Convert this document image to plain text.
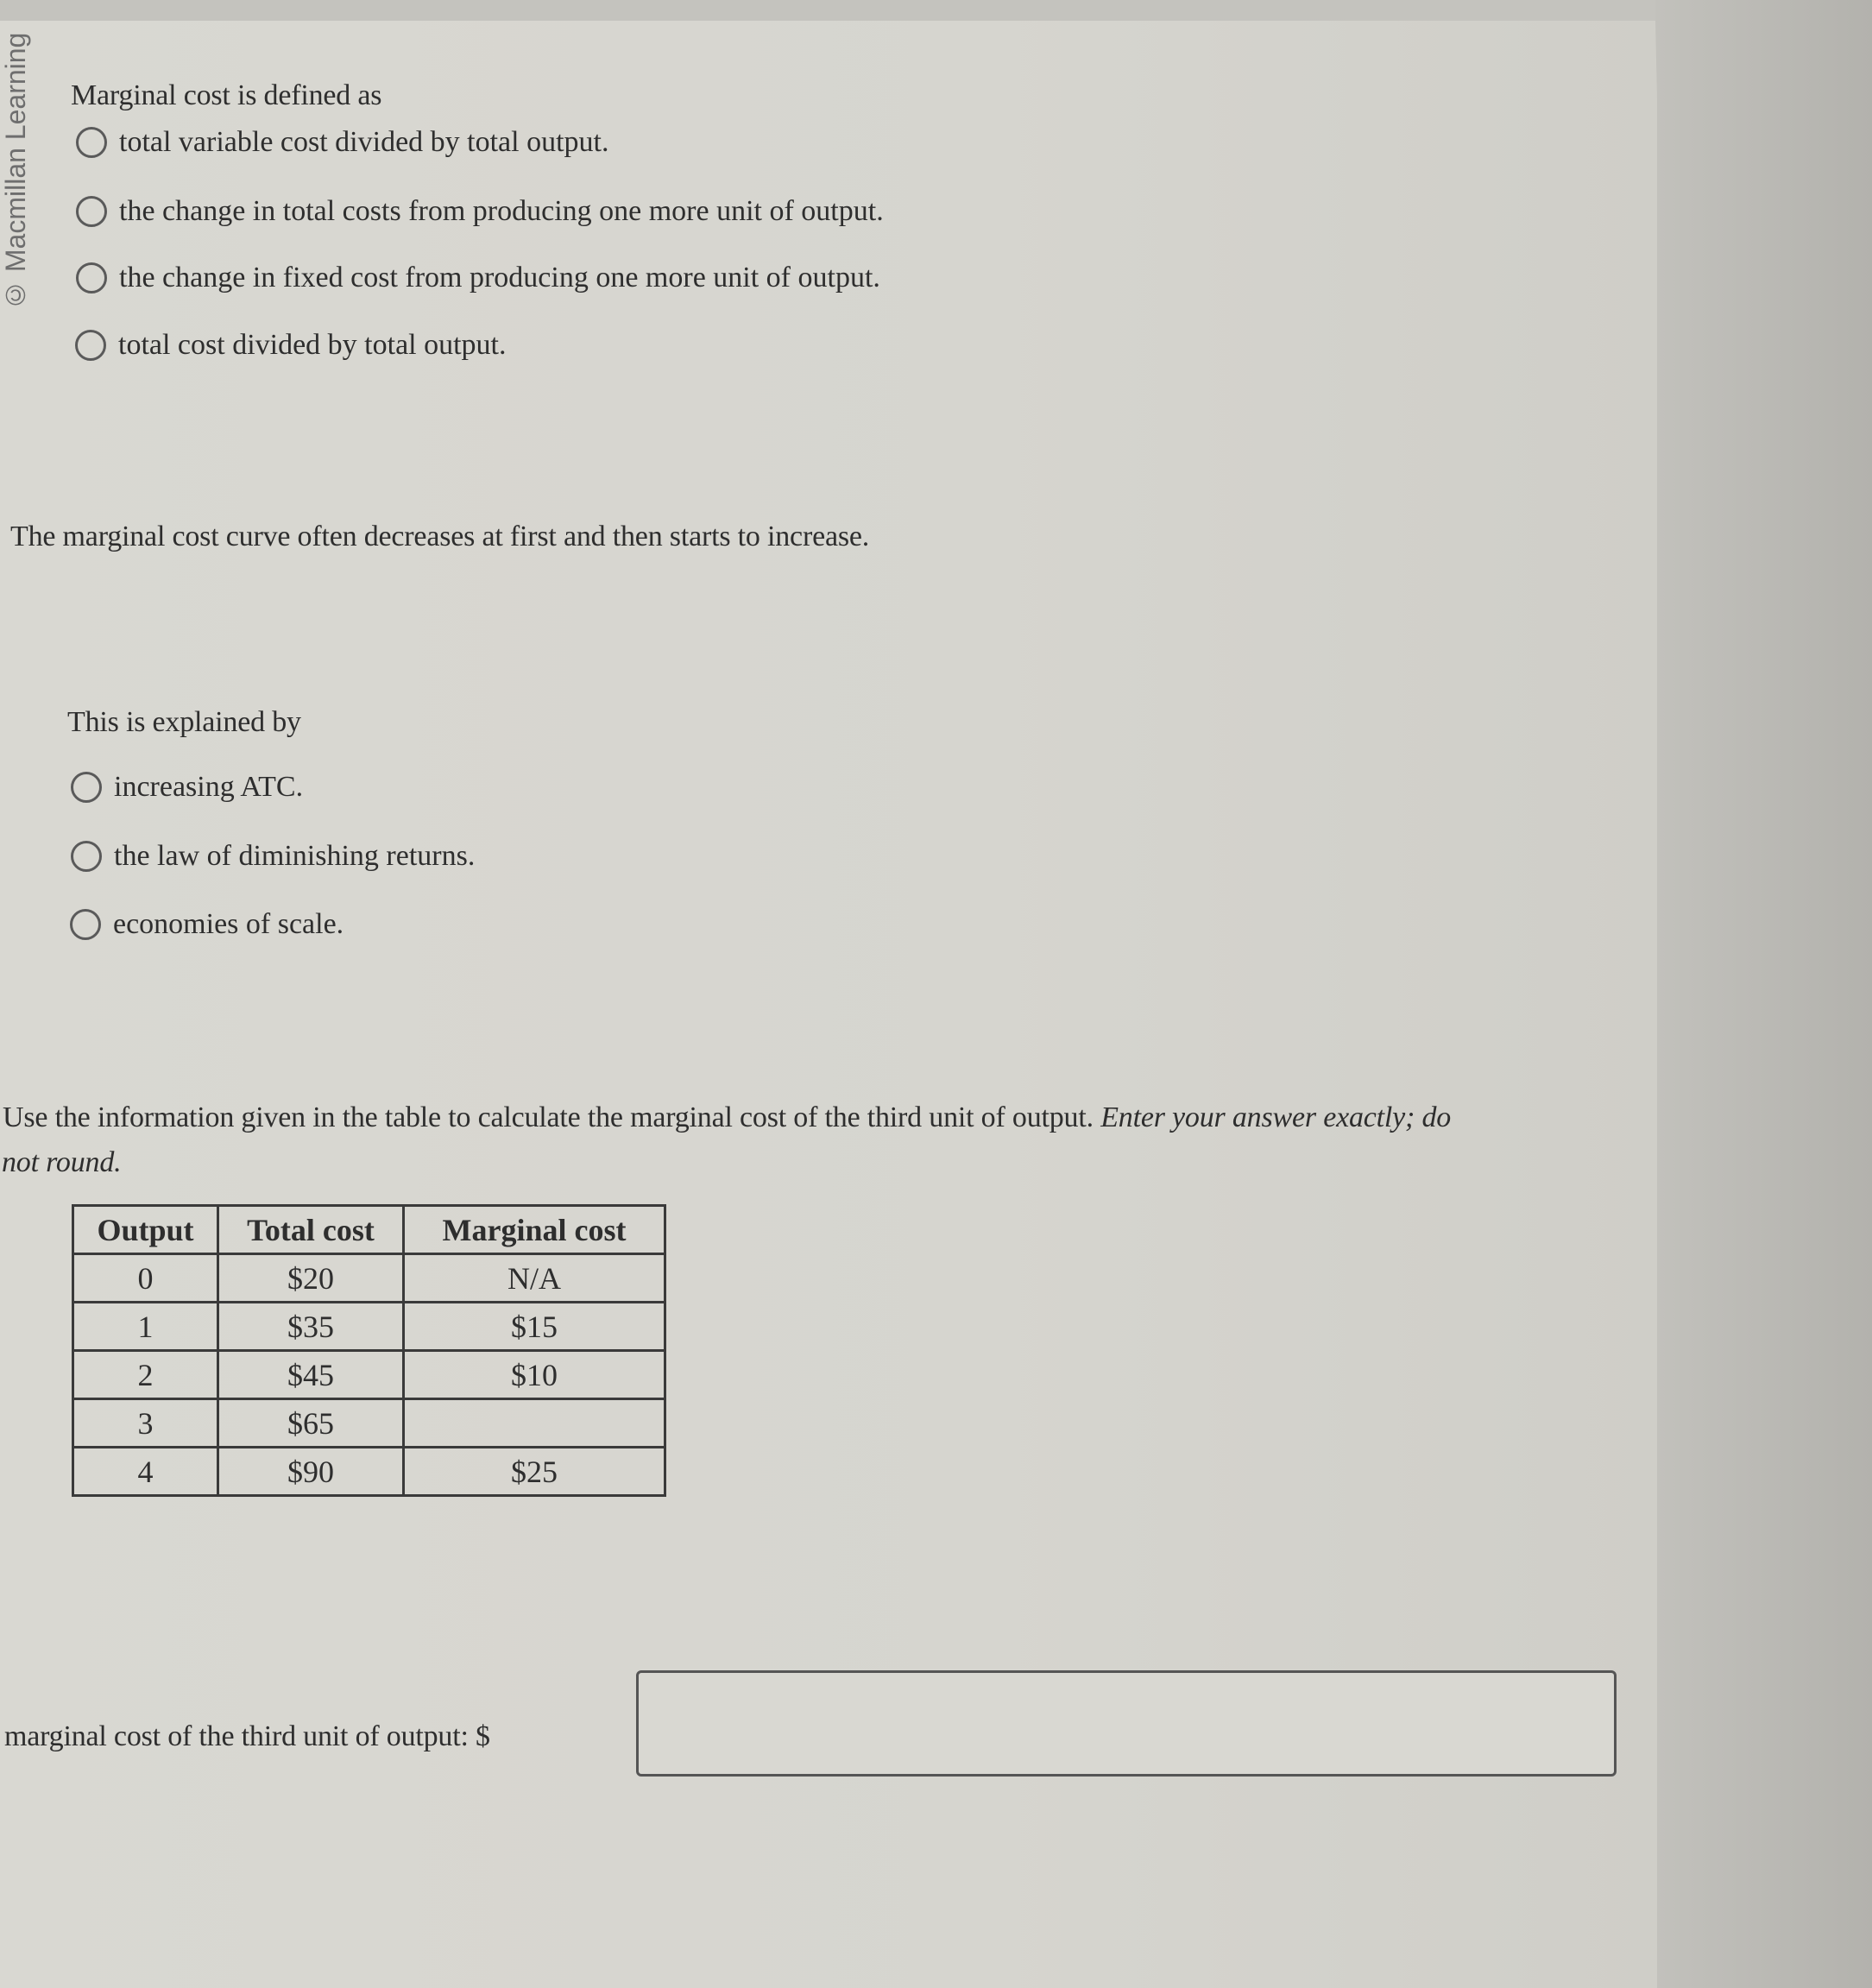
© Macmillan Learning Marginal cost is defined as
total variable cost divided by total output.
the change in total costs from producing one more unit of output.
the change in fixed cost from producing one more unit of output.
total cost divided by total output.
The marginal cost curve often decreases at first and then starts to increase.
This is explained by
increasing ATC.
the law of diminishing returns.
economies of scale.
Use the information given in the table to calculate the marginal cost of the third unit of output. Enter your answer exactly; do
not round.
Output	Total cost	Marginal cost
0	$20	N/A
1	$35	$15
2	$45	$10
3	$65	
4	$90	$25
marginal cost of the third unit of output: $
